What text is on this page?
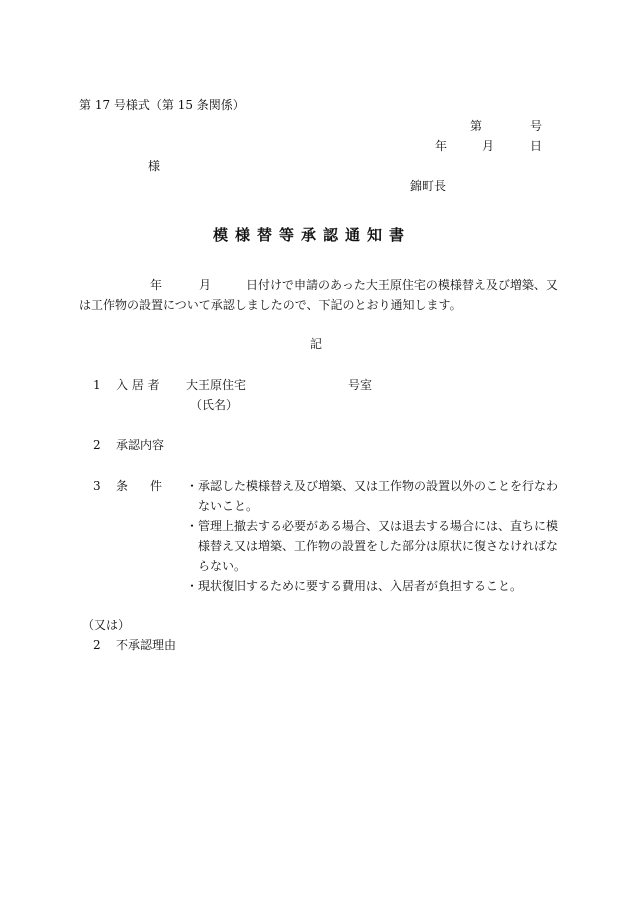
第 17 号様式（第 15 条関係）
第	号
年	月	日
様
錦町長
模様替等承認通知書
年	月	日付けで申請のあった大王原住宅の模様替え及び増築、又
は工作物の設置について承認しましたので、下記のとおり通知します。
記
1 入 居 者 大王原住宅	号室
（氏名）
2 承認内容
3 条 件 ・承認した模様替え及び増築、又は工作物の設置以外のことを行なわないこと。
・管理上撤去する必要がある場合、又は退去する場合には、直ちに模様替え又は増築、工作物の設置をした部分は原状に復さなければならない。
・現状復旧するために要する費用は、入居者が負担すること。
（又は）
2 不承認理由
